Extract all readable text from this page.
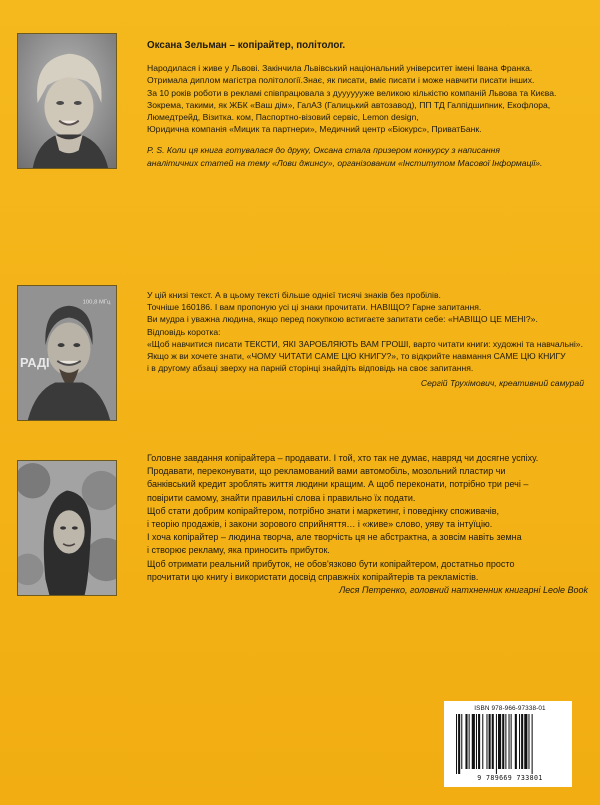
Оксана Зельман – копірайтер, політолог.

Народилася і живе у Львові. Закінчила Львівський національний університет імені Івана Франка.

Отримала диплом магістра політології.Знає, як писати, вміє писати і може навчити писати інших.

За 10 років роботи в рекламі співпрацювала з дууууууже великою кількістю компаній Львова та Києва.

Зокрема, такими, як ЖБК «Ваш дім», ГалАЗ (Галицький автозавод), ПП ТД Галпідшипник, Екофлора,

Люмедтрейд, Візитка. ком, Паспортно-візовий сервіс, Lemon design,

Юридична компанія «Мицик та партнери», Медичний центр «Біокурс», ПриватБанк.

P. S. Коли ця книга готувалася до друку, Оксана стала призером конкурсу з написання

аналітичних статей на тему «Лови джинсу», організованим «Інститутом Масової Інформації».

РАДІ
100,8 МГц

У цій книзі текст. А в цьому тексті більше однієї тисячі знаків без пробілів.

Точніше 160186. І вам пропоную усі ці знаки прочитати. НАВІЩО? Гарне запитання.

Ви мудра і уважна людина, якщо перед покупкою встигаєте запитати себе: «НАВІЩО ЦЕ МЕНІ?».

Відповідь коротка:

«Щоб навчитися писати ТЕКСТИ, ЯКІ ЗАРОБЛЯЮТЬ ВАМ ГРОШІ, варто читати книги: художні та навчальні».

Якщо ж ви хочете знати, «ЧОМУ ЧИТАТИ САМЕ ЦЮ КНИГУ?», то відкрийте навмання САМЕ ЦЮ КНИГУ

і в другому абзаці зверху на парній сторінці знайдіть відповідь на своє запитання.

Сергій Трухімович, креативний самурай

Головне завдання копірайтера – продавати. І той, хто так не думає, навряд чи досягне успіху.

Продавати, переконувати, що рекламований вами автомобіль, мозольний пластир чи

банківський кредит зроблять життя людини кращим. А щоб переконати, потрібно три речі –

повірити самому, знайти правильні слова і правильно їх подати.

Щоб стати добрим копірайтером, потрібно знати і маркетинг, і поведінку споживачів,

і теорію продажів, і закони зорового сприйняття… і «живе» слово, уяву та інтуїцію.

І хоча копірайтер – людина творча, але творчість ця не абстрактна, а зовсім навіть земна

і створює рекламу, яка приносить прибуток.

Щоб отримати реальний прибуток, не обов'язково бути копірайтером, достатньо просто

прочитати цю книгу і використати досвід справжніх копірайтерів та рекламістів.

Леся Петренко, головний натхненник книгарні Leole Book

ISBN 978-966-97338-01
9 789669 733801
